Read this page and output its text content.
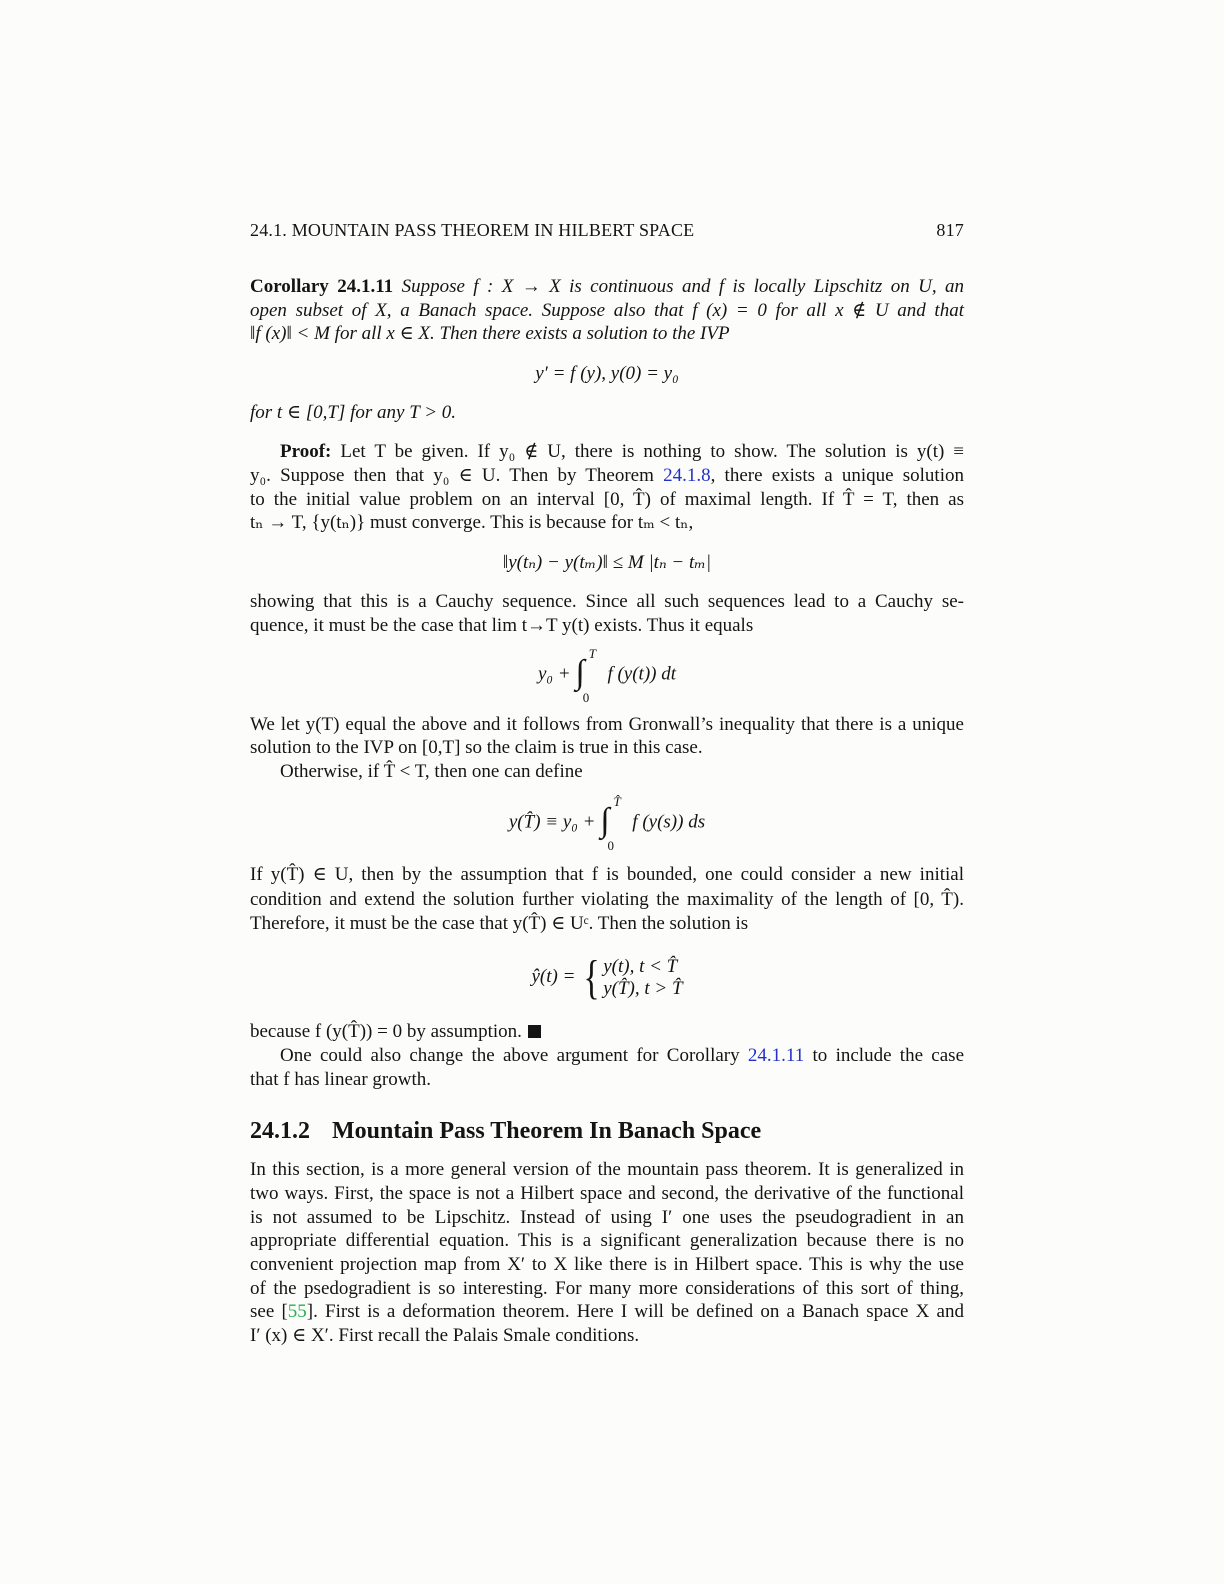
24.1. MOUNTAIN PASS THEOREM IN HILBERT SPACE	817
Corollary 24.1.11 Suppose f : X → X is continuous and f is locally Lipschitz on U, an
open subset of X, a Banach space. Suppose also that f (x) = 0 for all x ∉ U and that
‖f (x)‖ < M for all x ∈ X. Then there exists a solution to the IVP
y′ = f (y), y(0) = y₀
for t ∈ [0,T] for any T > 0.
Proof: Let T be given. If y₀ ∉ U, there is nothing to show. The solution is y(t) ≡
y₀. Suppose then that y₀ ∈ U. Then by Theorem 24.1.8, there exists a unique solution
to the initial value problem on an interval [0, T̂) of maximal length. If T̂ = T, then as
tₙ → T, {y(tₙ)} must converge. This is because for tₘ < tₙ,
‖y(tₙ) − y(tₘ)‖ ≤ M |tₙ − tₘ|
showing that this is a Cauchy sequence. Since all such sequences lead to a Cauchy se-
quence, it must be the case that lim t→T y(t) exists. Thus it equals
y₀ + ∫
T
0
f (y(t)) dt
We let y(T) equal the above and it follows from Gronwall’s inequality that there is a unique
solution to the IVP on [0,T] so the claim is true in this case.
Otherwise, if T̂ < T, then one can define
y(T̂) ≡ y₀ + ∫
T̂
0
f (y(s)) ds
If y(T̂) ∈ U, then by the assumption that f is bounded, one could consider a new initial
condition and extend the solution further violating the maximality of the length of [0, T̂).
Therefore, it must be the case that y(T̂) ∈ Uᶜ. Then the solution is
ŷ(t) = { y(t), t < T̂
y(T̂), t > T̂
because f (y(T̂)) = 0 by assumption.
One could also change the above argument for Corollary 24.1.11 to include the case
that f has linear growth.
24.1.2 Mountain Pass Theorem In Banach Space
In this section, is a more general version of the mountain pass theorem. It is generalized in
two ways. First, the space is not a Hilbert space and second, the derivative of the functional
is not assumed to be Lipschitz. Instead of using I′ one uses the pseudogradient in an
appropriate differential equation. This is a significant generalization because there is no
convenient projection map from X′ to X like there is in Hilbert space. This is why the use
of the psedogradient is so interesting. For many more considerations of this sort of thing,
see [55]. First is a deformation theorem. Here I will be defined on a Banach space X and
I′ (x) ∈ X′. First recall the Palais Smale conditions.
